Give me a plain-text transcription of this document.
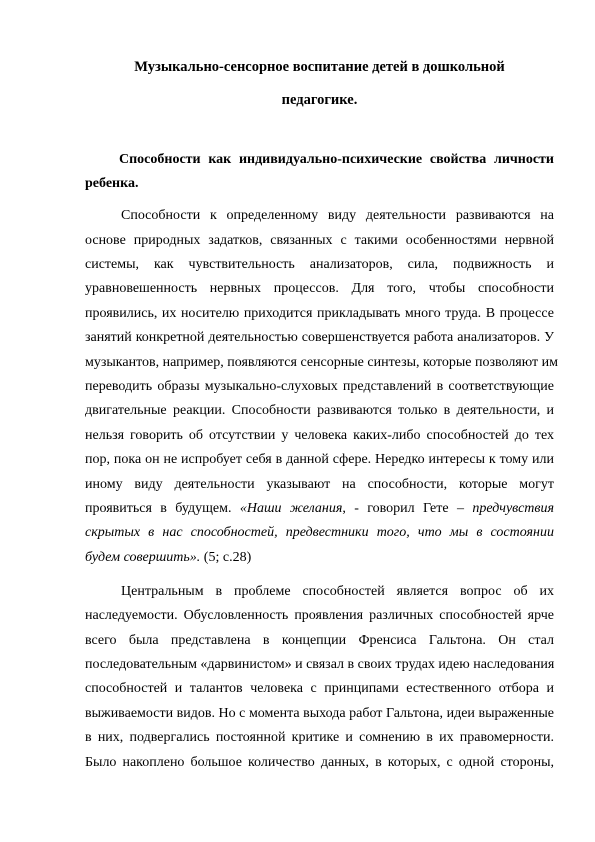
Музыкально-сенсорное воспитание детей в дошкольной
педагогике.
Способности как индивидуально-психические свойства личности
ребенка.
Способности к определенному виду деятельности развиваются на
основе природных задатков, связанных с такими особенностями нервной
системы, как чувствительность анализаторов, сила, подвижность и
уравновешенность нервных процессов. Для того, чтобы способности
проявились, их носителю приходится прикладывать много труда. В процессе
занятий конкретной деятельностью совершенствуется работа анализаторов. У
музыкантов, например, появляются сенсорные синтезы, которые позволяют им
переводить образы музыкально-слуховых представлений в соответствующие
двигательные реакции. Способности развиваются только в деятельности, и
нельзя говорить об отсутствии у человека каких-либо способностей до тех
пор, пока он не испробует себя в данной сфере. Нередко интересы к тому или
иному виду деятельности указывают на способности, которые могут
проявиться в будущем. «Наши желания, - говорил Гете – предчувствия
скрытых в нас способностей, предвестники того, что мы в состоянии
будем совершить». (5; с.28)
Центральным в проблеме способностей является вопрос об их
наследуемости. Обусловленность проявления различных способностей ярче
всего была представлена в концепции Френсиса Гальтона. Он стал
последовательным «дарвинистом» и связал в своих трудах идею наследования
способностей и талантов человека с принципами естественного отбора и
выживаемости видов. Но с момента выхода работ Гальтона, идеи выраженные
в них, подвергались постоянной критике и сомнению в их правомерности.
Было накоплено большое количество данных, в которых, с одной стороны,
